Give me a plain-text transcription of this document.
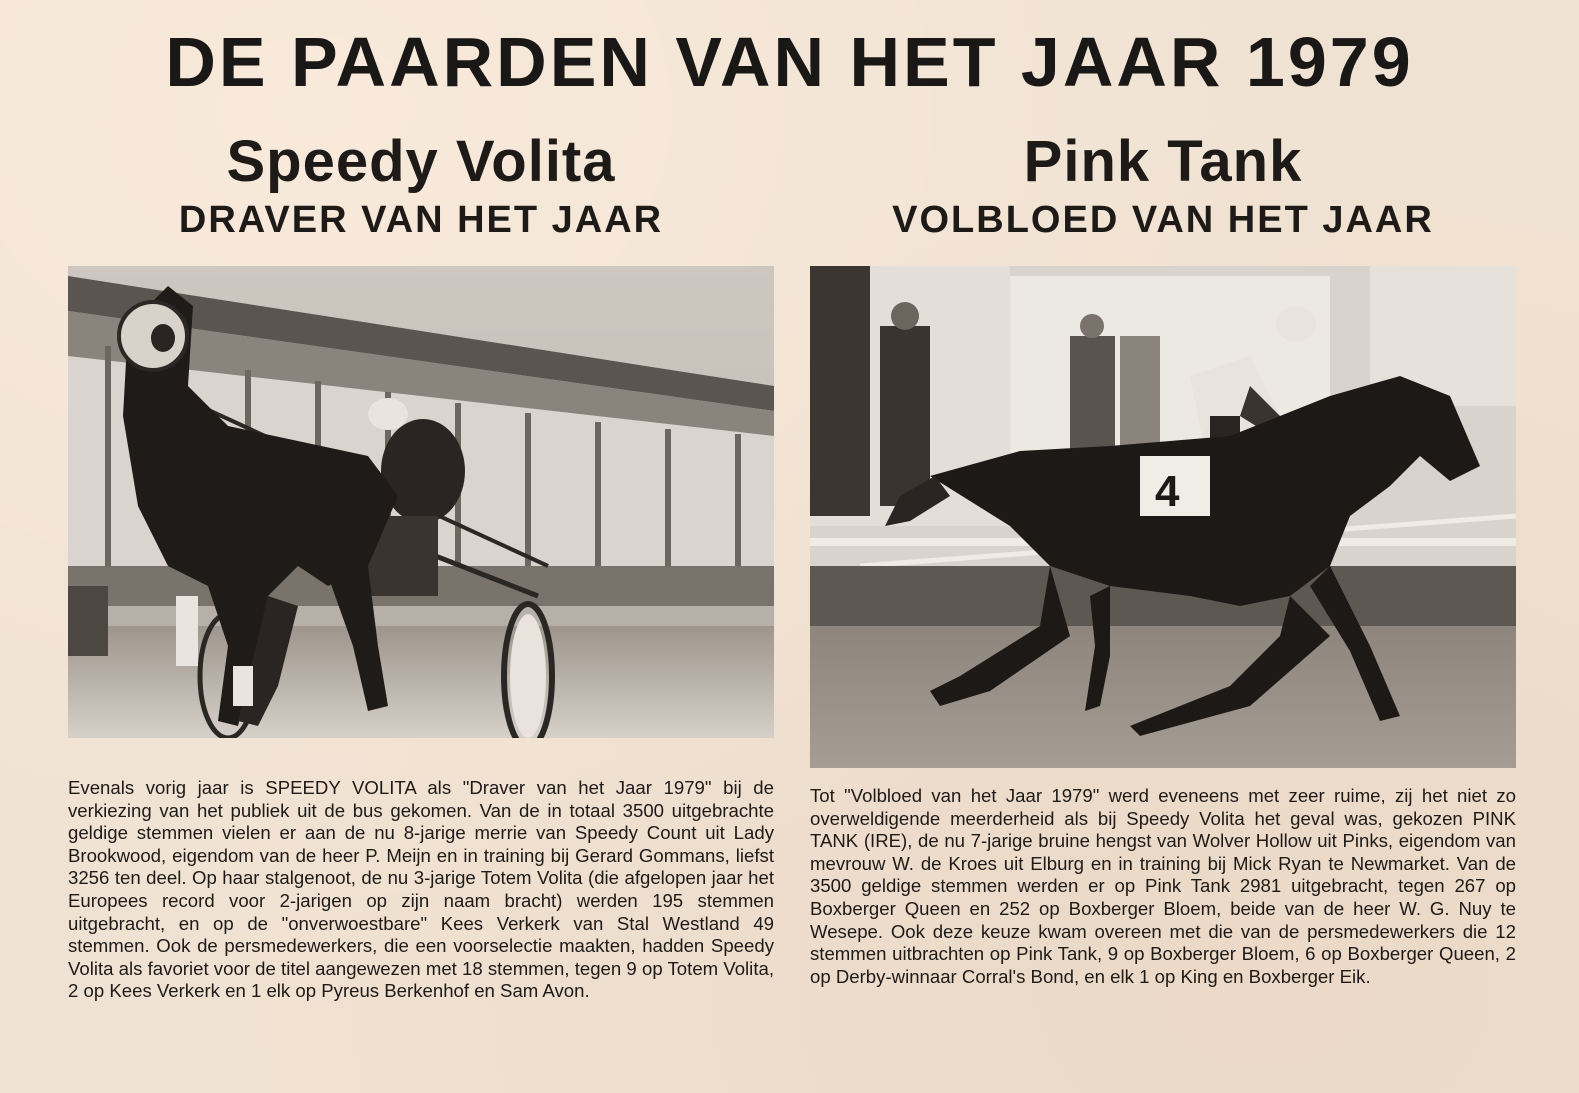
DE PAARDEN VAN HET JAAR 1979
Speedy Volita
DRAVER VAN HET JAAR

Evenals vorig jaar is SPEEDY VOLITA als "Draver van het Jaar 1979" bij de verkiezing van het publiek uit de bus gekomen. Van de in totaal 3500 uitgebrachte geldige stemmen vielen er aan de nu 8-jarige merrie van Speedy Count uit Lady Brookwood, eigendom van de heer P. Meijn en in training bij Gerard Gommans, liefst 3256 ten deel. Op haar stalgenoot, de nu 3-jarige Totem Volita (die afgelopen jaar het Europees record voor 2-jarigen op zijn naam bracht) werden 195 stemmen uitgebracht, en op de "onverwoestbare" Kees Verkerk van Stal Westland 49 stemmen. Ook de persmedewerkers, die een voorselectie maakten, hadden Speedy Volita als favoriet voor de titel aangewezen met 18 stemmen, tegen 9 op Totem Volita, 2 op Kees Verkerk en 1 elk op Pyreus Berkenhof en Sam Avon.

Pink Tank
VOLBLOED VAN HET JAAR
4

Tot "Volbloed van het Jaar 1979" werd eveneens met zeer ruime, zij het niet zo overweldigende meerderheid als bij Speedy Volita het geval was, gekozen PINK TANK (IRE), de nu 7-jarige bruine hengst van Wolver Hollow uit Pinks, eigendom van mevrouw W. de Kroes uit Elburg en in training bij Mick Ryan te Newmarket. Van de 3500 geldige stemmen werden er op Pink Tank 2981 uitgebracht, tegen 267 op Boxberger Queen en 252 op Boxberger Bloem, beide van de heer W. G. Nuy te Wesepe. Ook deze keuze kwam overeen met die van de persmedewerkers die 12 stemmen uitbrachten op Pink Tank, 9 op Boxberger Bloem, 6 op Boxberger Queen, 2 op Derby-winnaar Corral's Bond, en elk 1 op King en Boxberger Eik.
